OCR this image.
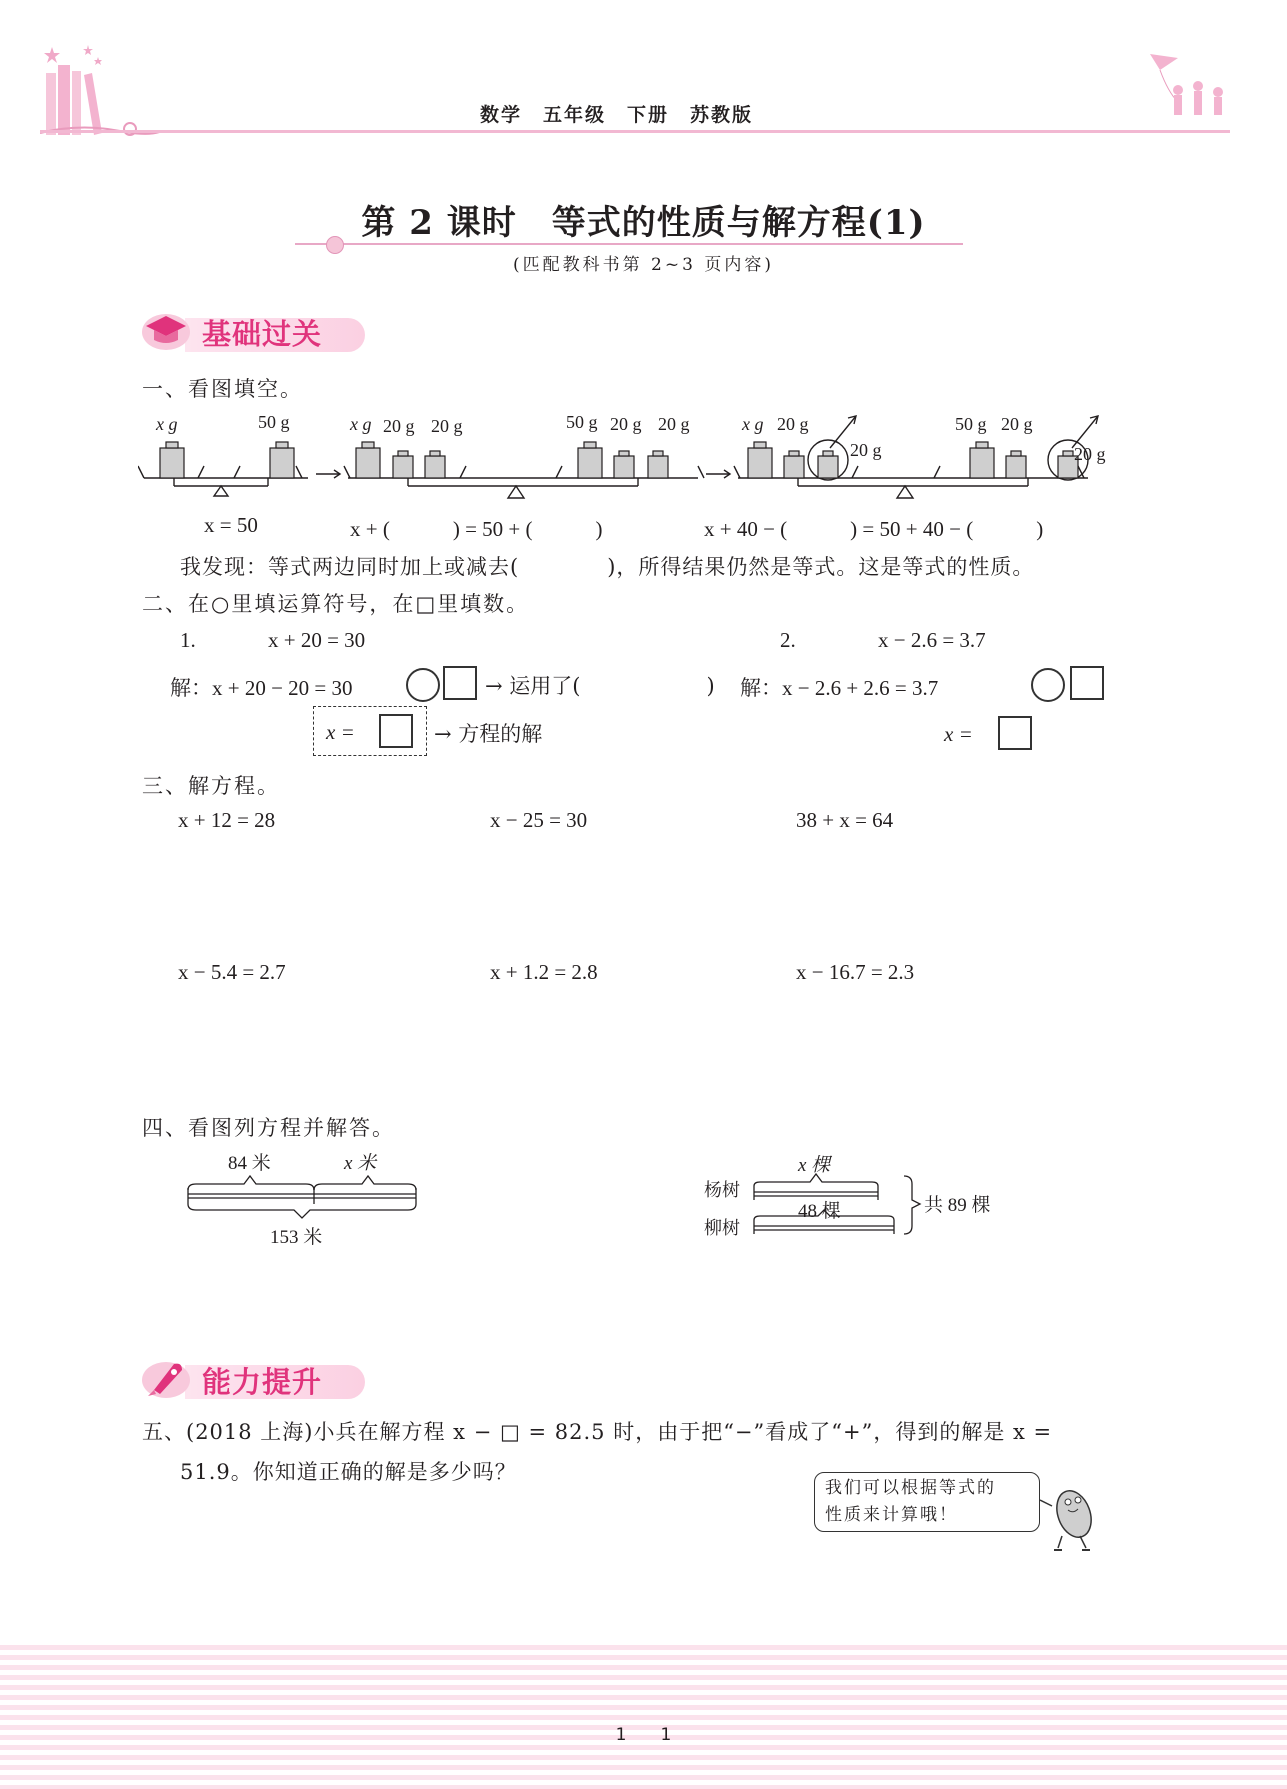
数学　五年级　下册　苏教版
第 2 课时　等式的性质与解方程(1)
(匹配教科书第 2~3 页内容)
基础过关
一、看图填空。
x g	50 g	x g 20 g 20 g	50 g 20 g 20 g	x g 20 g
20 g
50 g 20 g
20 g
x = 50	x + (　　　) = 50 + (　　　)	x + 40 − (　　　) = 50 + 40 − (　　　)
我发现：等式两边同时加上或减去(　　　　)，所得结果仍然是等式。这是等式的性质。
二、在○里填运算符号，在□里填数。
1.	x + 20 = 30	2.	x − 2.6 = 3.7
解：x + 20 − 20 = 30	→ 运用了(　　　　　　) 解：x − 2.6 + 2.6 = 3.7
x =	→ 方程的解	x =
三、解方程。
x + 12 = 28	x − 25 = 30	38 + x = 64
x − 5.4 = 2.7	x + 1.2 = 2.8	x − 16.7 = 2.3
四、看图列方程并解答。
84 米	x 米
153 米
杨树
x 棵
柳树
48 棵	共 89 棵
能力提升
五、(2018 上海)小兵在解方程 x − □ = 82.5 时，由于把“−”看成了“+”，得到的解是 x =
51.9。你知道正确的解是多少吗？
我们可以根据等式的
性质来计算哦！
1　　1
